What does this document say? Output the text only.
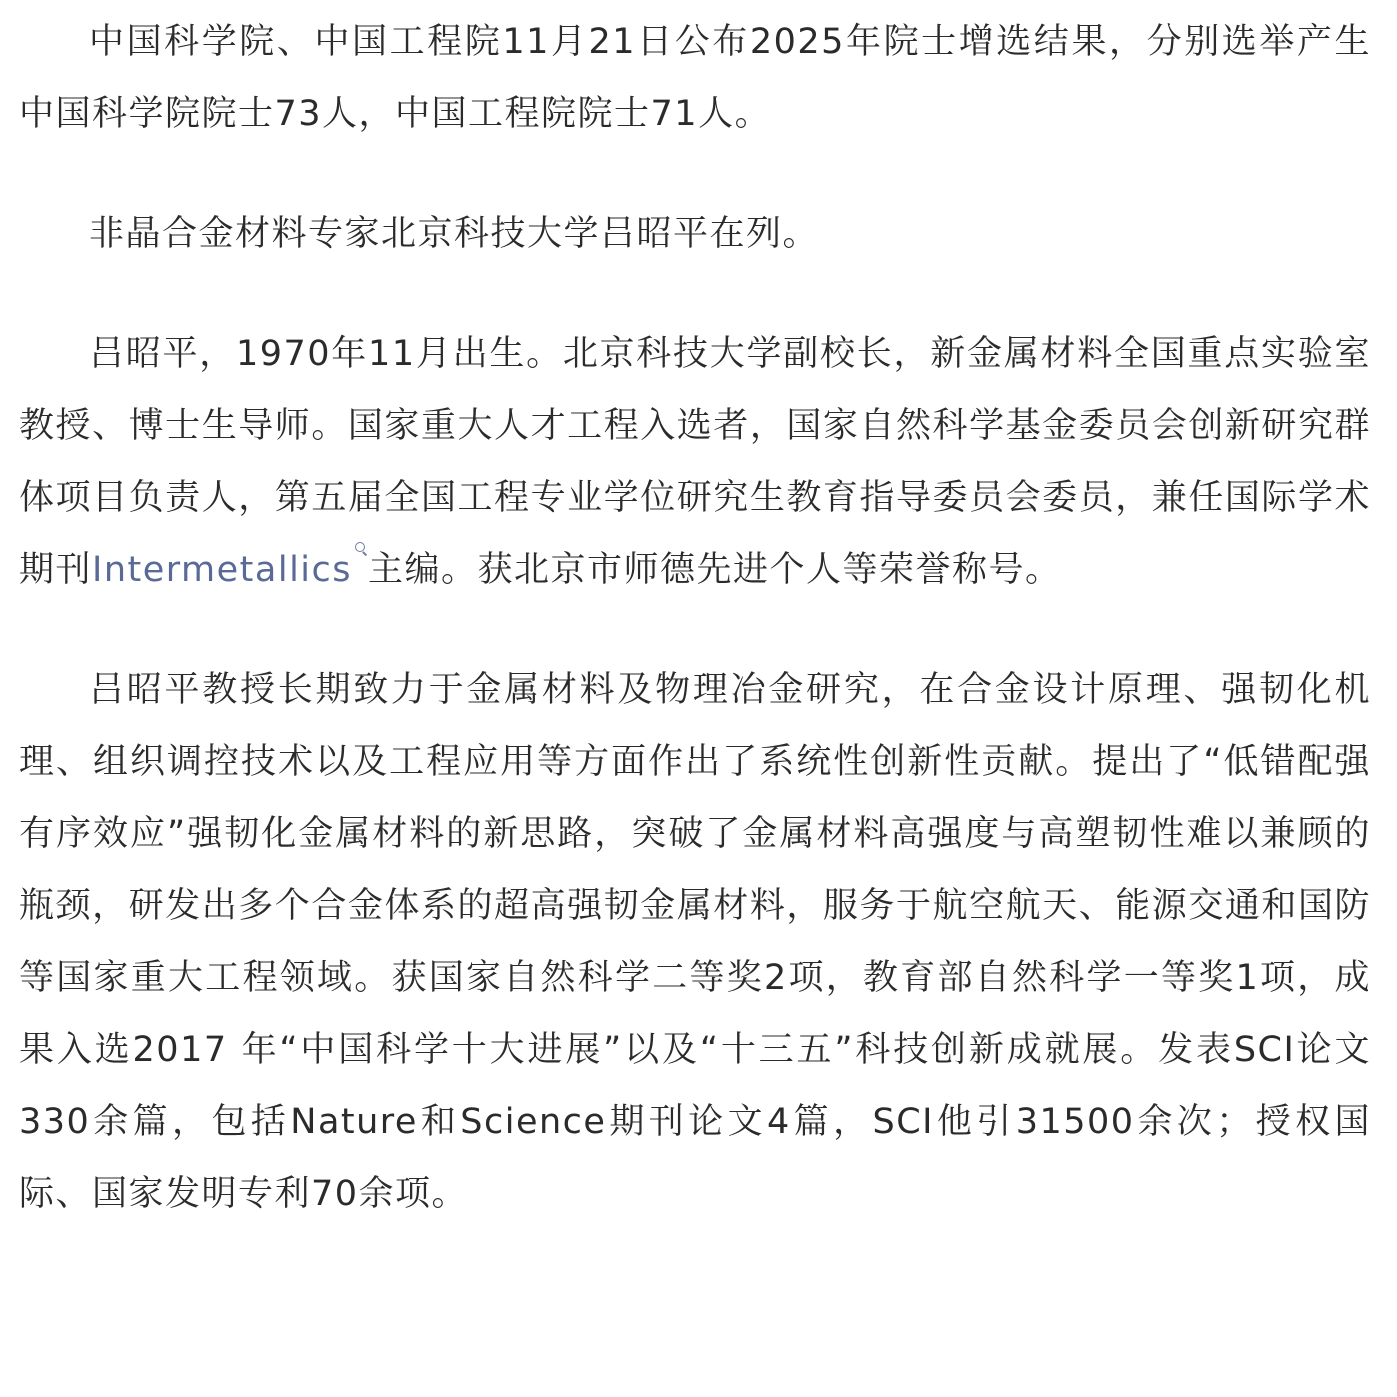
中国科学院、中国工程院11月21日公布2025年院士增选结果，分别选举产生中国科学院院士73人，中国工程院院士71人。

非晶合金材料专家北京科技大学吕昭平在列。

吕昭平，1970年11月出生。北京科技大学副校长，新金属材料全国重点实验室教授、博士生导师。国家重大人才工程入选者，国家自然科学基金委员会创新研究群体项目负责人，第五届全国工程专业学位研究生教育指导委员会委员，兼任国际学术期刊Intermetallics 主编。获北京市师德先进个人等荣誉称号。

吕昭平教授长期致力于金属材料及物理冶金研究，在合金设计原理、强韧化机理、组织调控技术以及工程应用等方面作出了系统性创新性贡献。提出了“低错配强有序效应”强韧化金属材料的新思路，突破了金属材料高强度与高塑韧性难以兼顾的瓶颈，研发出多个合金体系的超高强韧金属材料，服务于航空航天、能源交通和国防等国家重大工程领域。获国家自然科学二等奖2项，教育部自然科学一等奖1项，成果入选2017 年“中国科学十大进展”以及“十三五”科技创新成就展。发表SCI论文330余篇，包括Nature和Science期刊论文4篇，SCI他引31500余次；授权国际、国家发明专利70余项。
